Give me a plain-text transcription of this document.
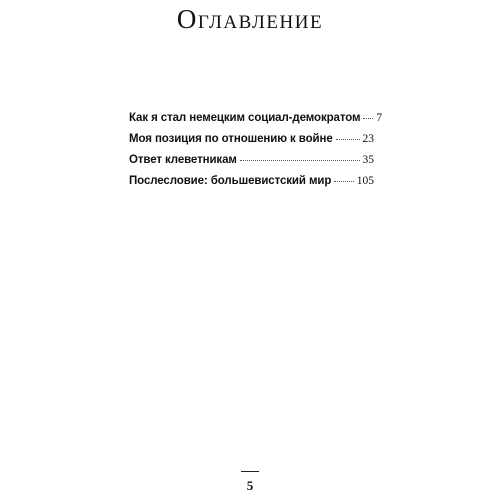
Оглавление
Как я стал немецким социал-демократом 7
Моя позиция по отношению к войне	23
Ответ клеветникам	35
Послесловие: большевистский мир 105
5
